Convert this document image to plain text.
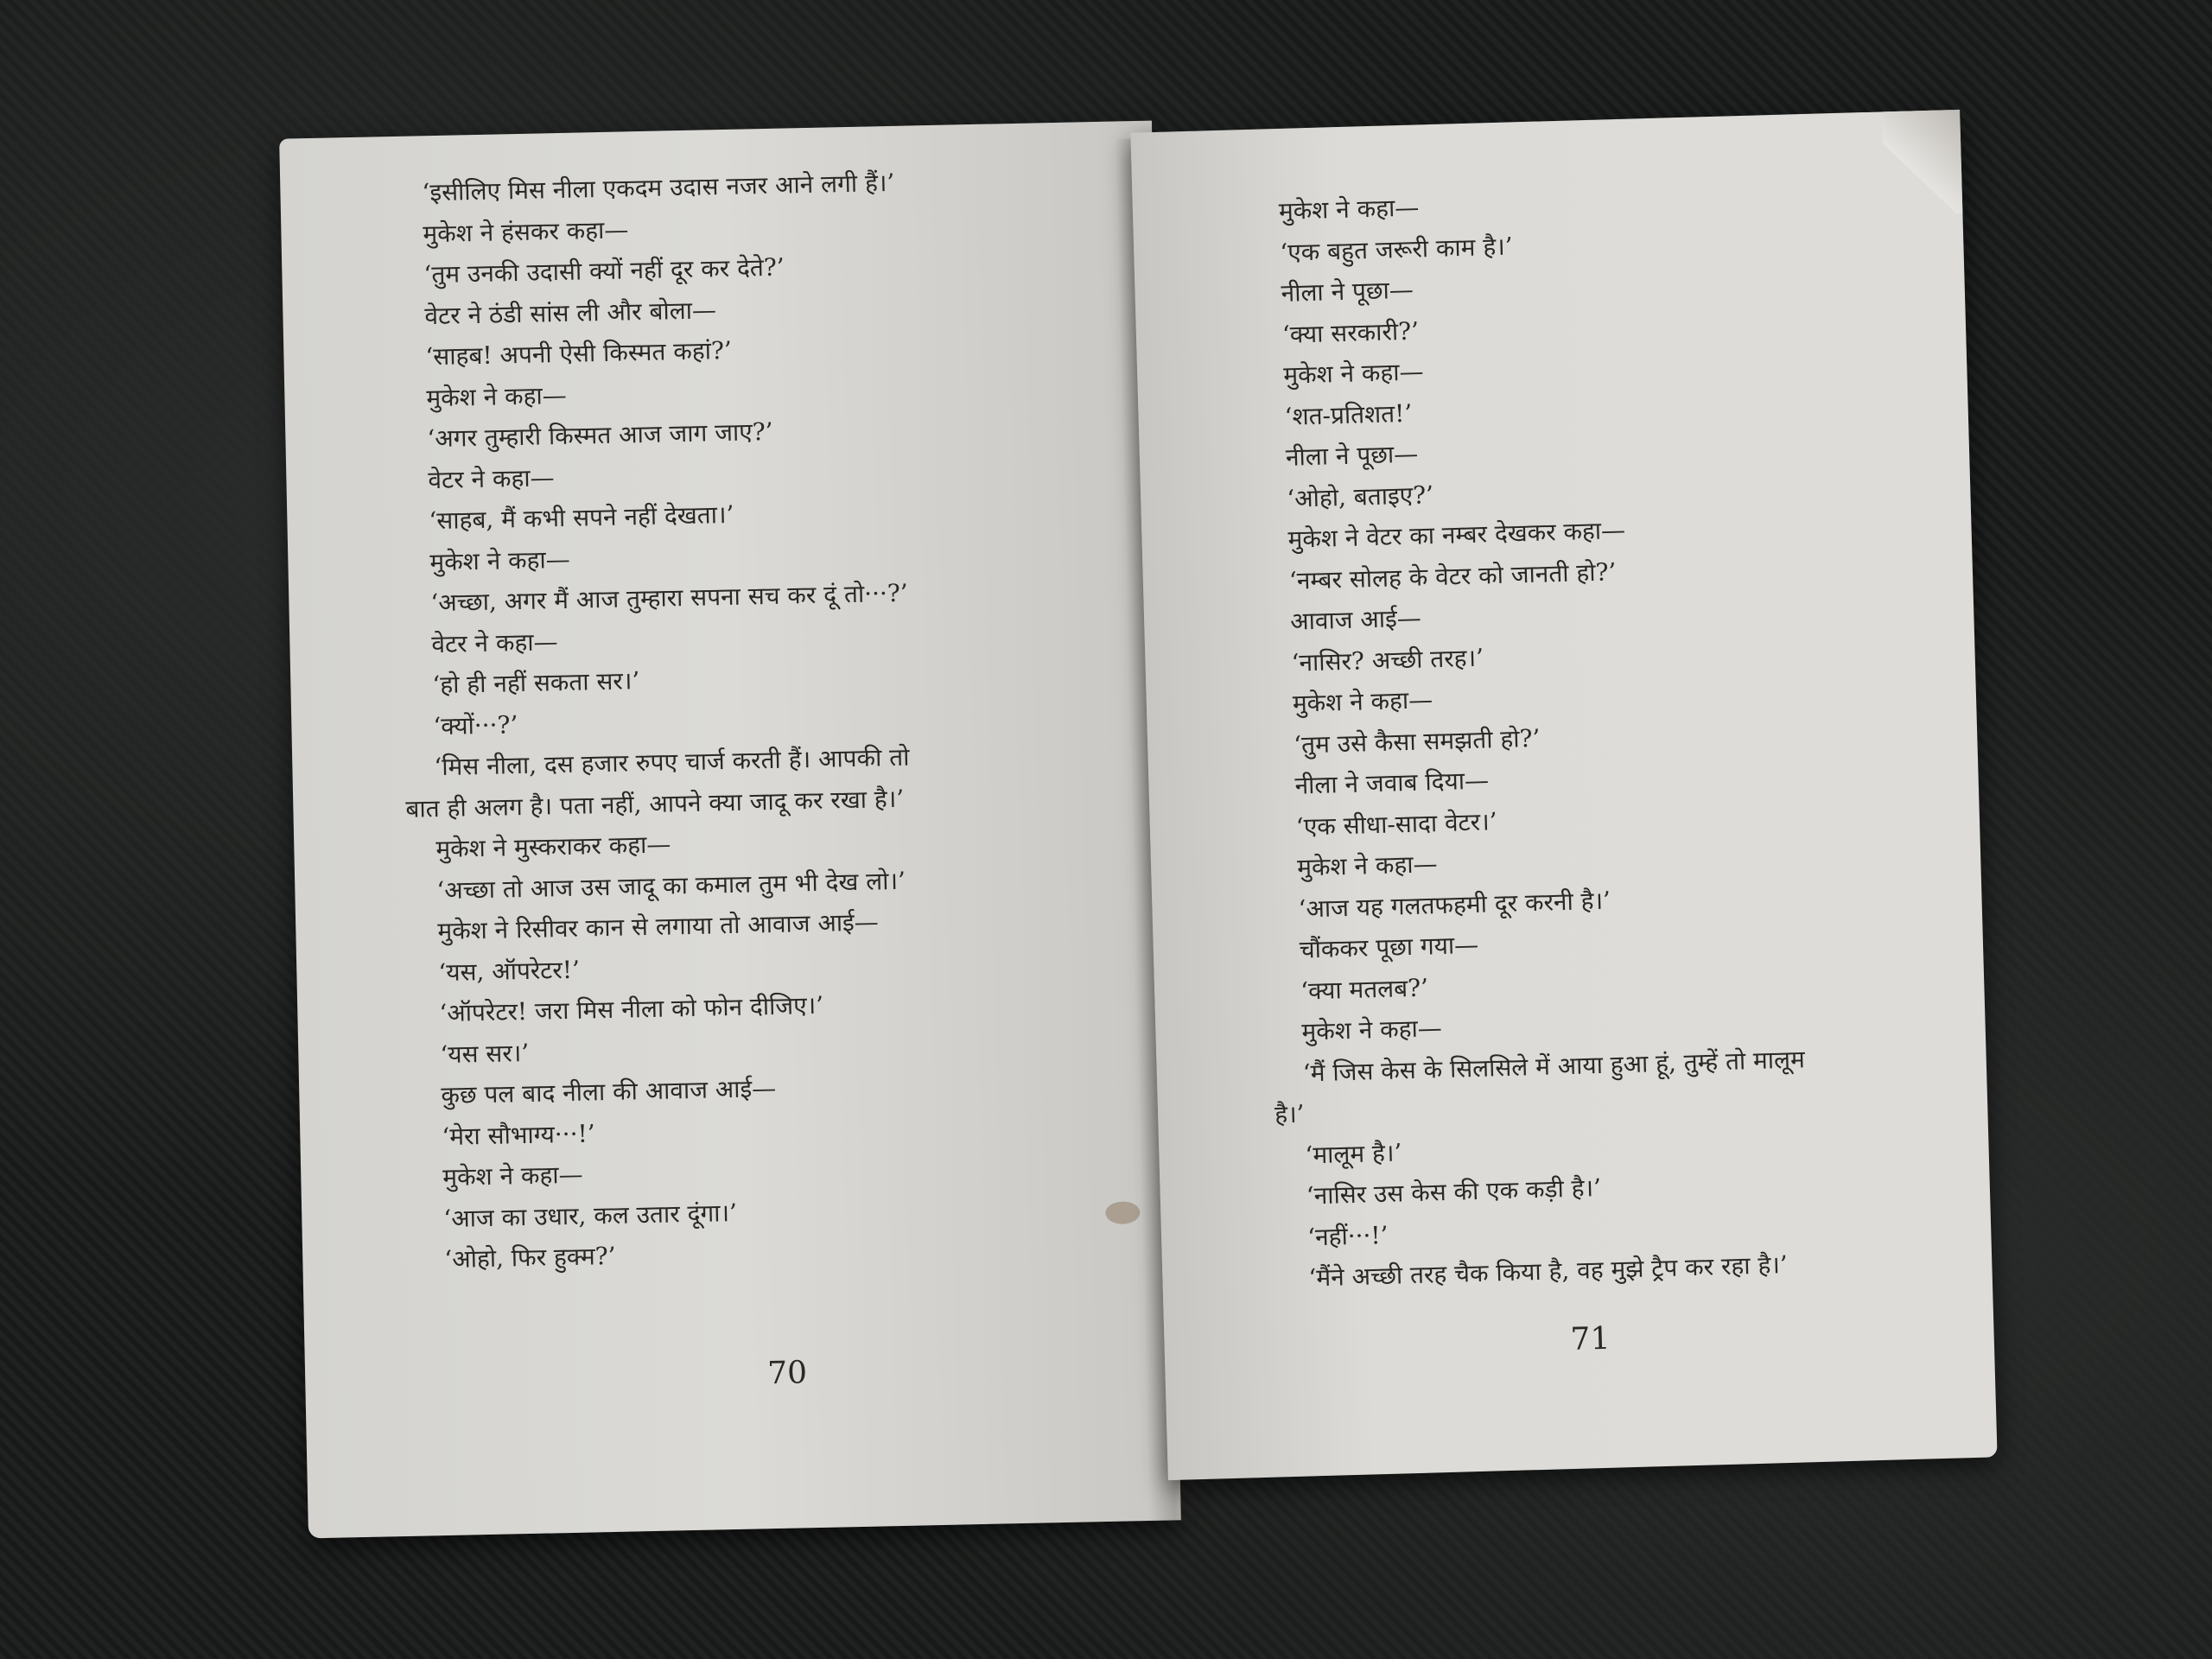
‘इसीलिए मिस नीला एकदम उदास नजर आने लगी हैं।’
मुकेश ने हंसकर कहा—
‘तुम उनकी उदासी क्यों नहीं दूर कर देते?’
वेटर ने ठंडी सांस ली और बोला—
‘साहब! अपनी ऐसी किस्मत कहां?’
मुकेश ने कहा—
‘अगर तुम्हारी किस्मत आज जाग जाए?’
वेटर ने कहा—
‘साहब, मैं कभी सपने नहीं देखता।’
मुकेश ने कहा—
‘अच्छा, अगर मैं आज तुम्हारा सपना सच कर दूं तो···?’
वेटर ने कहा—
‘हो ही नहीं सकता सर।’
‘क्यों···?’
‘मिस नीला, दस हजार रुपए चार्ज करती हैं। आपकी तो
बात ही अलग है। पता नहीं, आपने क्या जादू कर रखा है।’
मुकेश ने मुस्कराकर कहा—
‘अच्छा तो आज उस जादू का कमाल तुम भी देख लो।’
मुकेश ने रिसीवर कान से लगाया तो आवाज आई—
‘यस, ऑपरेटर!’
‘ऑपरेटर! जरा मिस नीला को फोन दीजिए।’
‘यस सर।’
कुछ पल बाद नीला की आवाज आई—
‘मेरा सौभाग्य···!’
मुकेश ने कहा—
‘आज का उधार, कल उतार दूंगा।’
‘ओहो, फिर हुक्म?’
70
मुकेश ने कहा—
‘एक बहुत जरूरी काम है।’
नीला ने पूछा—
‘क्या सरकारी?’
मुकेश ने कहा—
‘शत-प्रतिशत!’
नीला ने पूछा—
‘ओहो, बताइए?’
मुकेश ने वेटर का नम्बर देखकर कहा—
‘नम्बर सोलह के वेटर को जानती हो?’
आवाज आई—
‘नासिर? अच्छी तरह।’
मुकेश ने कहा—
‘तुम उसे कैसा समझती हो?’
नीला ने जवाब दिया—
‘एक सीधा-सादा वेटर।’
मुकेश ने कहा—
‘आज यह गलतफहमी दूर करनी है।’
चौंककर पूछा गया—
‘क्या मतलब?’
मुकेश ने कहा—
‘मैं जिस केस के सिलसिले में आया हुआ हूं, तुम्हें तो मालूम
है।’
‘मालूम है।’
‘नासिर उस केस की एक कड़ी है।’
‘नहीं···!’
‘मैंने अच्छी तरह चैक किया है, वह मुझे ट्रैप कर रहा है।’
71
